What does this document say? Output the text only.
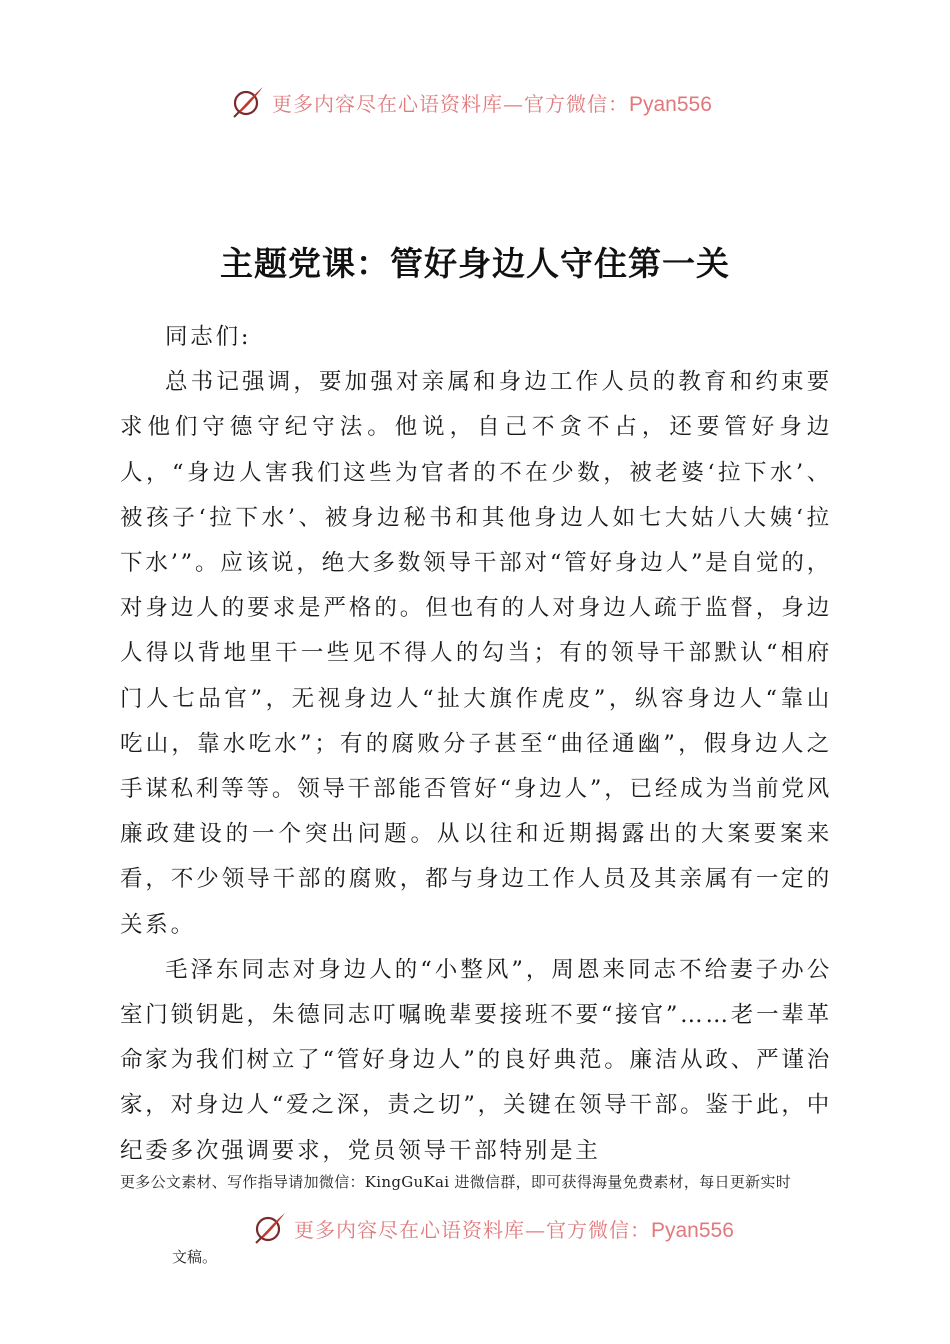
更多内容尽在心语资料库—官方微信：Pyan556
主题党课：管好身边人守住第一关

同志们:

总书记强调，要加强对亲属和身边工作人员的教育和约束要求他们守德守纪守法。他说，自己不贪不占，还要管好身边人，“身边人害我们这些为官者的不在少数，被老婆‘拉下水’、被孩子‘拉下水’、被身边秘书和其他身边人如七大姑八大姨‘拉下水’”。应该说，绝大多数领导干部对“管好身边人”是自觉的，对身边人的要求是严格的。但也有的人对身边人疏于监督，身边人得以背地里干一些见不得人的勾当；有的领导干部默认“相府门人七品官”，无视身边人“扯大旗作虎皮”，纵容身边人“靠山吃山，靠水吃水”；有的腐败分子甚至“曲径通幽”，假身边人之手谋私利等等。领导干部能否管好“身边人”，已经成为当前党风廉政建设的一个突出问题。从以往和近期揭露出的大案要案来看，不少领导干部的腐败，都与身边工作人员及其亲属有一定的关系。

毛泽东同志对身边人的“小整风”，周恩来同志不给妻子办公室门锁钥匙，朱德同志叮嘱晚辈要接班不要“接官”……老一辈革命家为我们树立了“管好身边人”的良好典范。廉洁从政、严谨治家，对身边人“爱之深，责之切”，关键在领导干部。鉴于此，中纪委多次强调要求，党员领导干部特别是主

更多公文素材、写作指导请加微信：KingGuKai 进微信群，即可获得海量免费素材，每日更新实时
更多内容尽在心语资料库—官方微信：Pyan556
文稿。
